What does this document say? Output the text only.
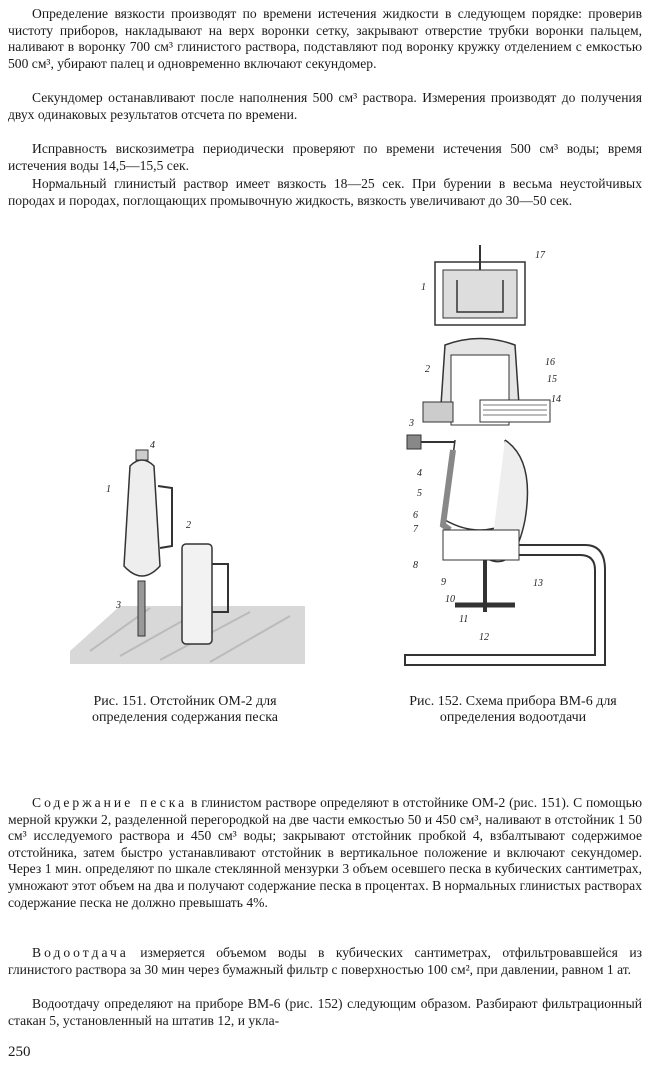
Определение вязкости производят по времени истечения жидкости в следующем порядке: проверив чистоту приборов, накладывают на верх воронки сетку, закрывают отверстие трубки воронки пальцем, наливают в воронку 700 см³ глинистого раствора, подставляют под воронку кружку отделением с емкостью 500 см³, убирают палец и одновременно включают секундомер.

Секундомер останавливают после наполнения 500 см³ раствора. Измерения производят до получения двух одинаковых результатов отсчета по времени.

Исправность вискозиметра периодически проверяют по времени истечения 500 см³ воды; время истечения воды 14,5—15,5 сек.

Нормальный глинистый раствор имеет вязкость 18—25 сек. При бурении в весьма неустойчивых породах и породах, поглощающих промывочную жидкость, вязкость увеличивают до 30—50 сек.

4
1
2
3

Рис. 151. Отстойник ОМ-2 для определения содержания песка

17
1
2
16
15
14
3
4
5
6
7
8
9
10
11
12
13

Рис. 152. Схема прибора ВМ-6 для определения водоотдачи

Содержание песка в глинистом растворе определяют в отстойнике ОМ-2 (рис. 151). С помощью мерной кружки 2, разделенной перегородкой на две части емкостью 50 и 450 см³, наливают в отстойник 1 50 см³ исследуемого раствора и 450 см³ воды; закрывают отстойник пробкой 4, взбалтывают содержимое отстойника, затем быстро устанавливают отстойник в вертикальное положение и включают секундомер. Через 1 мин. определяют по шкале стеклянной мензурки 3 объем осевшего песка в кубических сантиметрах, умножают этот объем на два и получают содержание песка в процентах. В нормальных глинистых растворах содержание песка не должно превышать 4%.

Водоотдача измеряется объемом воды в кубических сантиметрах, отфильтровавшейся из глинистого раствора за 30 мин через бумажный фильтр с поверхностью 100 см², при давлении, равном 1 ат.

Водоотдачу определяют на приборе ВМ-6 (рис. 152) следующим образом. Разбирают фильтрационный стакан 5, установленный на штатив 12, и укла-

250
